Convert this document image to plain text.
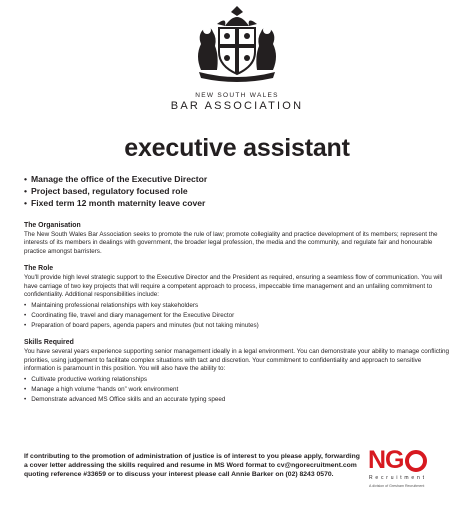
NEW SOUTH WALES
BAR ASSOCIATION
executive assistant
• Manage the office of the Executive Director
• Project based, regulatory focused role
• Fixed term 12 month maternity leave cover
The Organisation

The New South Wales Bar Association seeks to promote the rule of law; promote collegiality and practice development of its members; represent the interests of its members in dealings with government, the broader legal profession, the media and the community, and regulate fair and honourable practice amongst barristers.

The Role

You'll provide high level strategic support to the Executive Director and the President as required, ensuring a seamless flow of communication. You will have carriage of two key projects that will require a competent approach to process, impeccable time management and an unfailing commitment to confidentiality. Additional responsibilities include:

• Maintaining professional relationships with key stakeholders
• Coordinating file, travel and diary management for the Executive Director
• Preparation of board papers, agenda papers and minutes (but not taking minutes)
Skills Required

You have several years experience supporting senior management ideally in a legal environment. You can demonstrate your ability to manage conflicting priorities, using judgement to facilitate complex situations with tact and discretion. Your commitment to confidentiality and approach to sensitive information is paramount in this position. You will also have the ability to:

• Cultivate productive working relationships
• Manage a high volume “hands on” work environment
• Demonstrate advanced MS Office skills and an accurate typing speed
If contributing to the promotion of administration of justice is of interest to you please apply, forwarding a cover letter addressing the skills required and resume in MS Word format to cv@ngorecruitment.com quoting reference #33659 or to discuss your interest please call Annie Barker on (02) 8243 0570.
NG
Recruitment
A division of Gresham Recruitment
